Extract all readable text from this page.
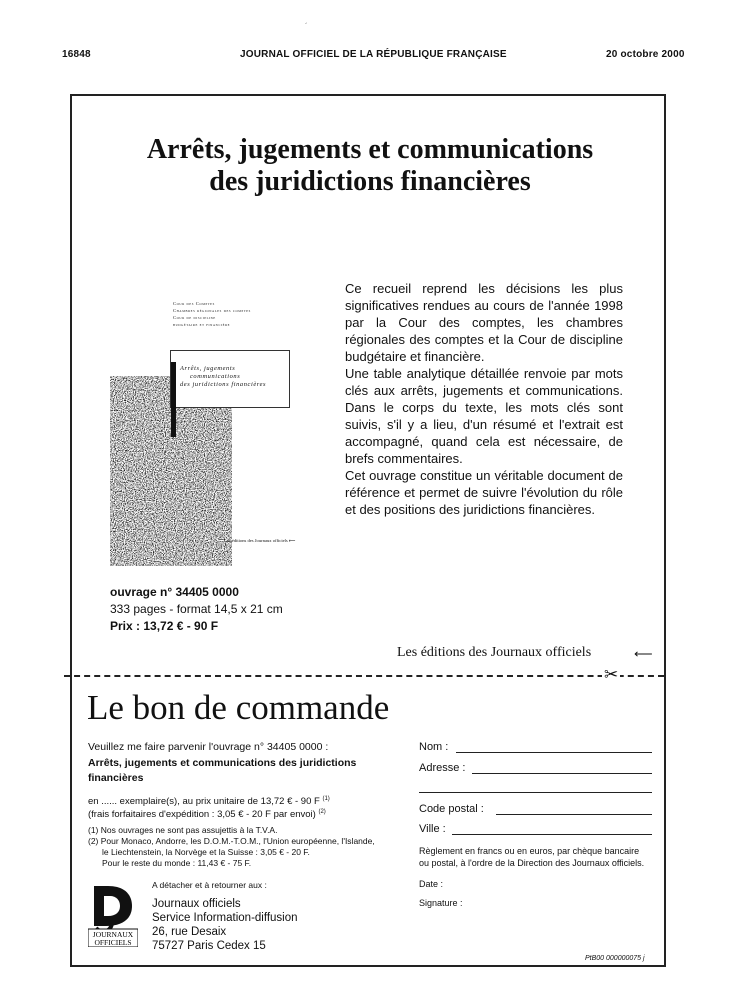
´
16848	JOURNAL OFFICIEL DE LA RÉPUBLIQUE FRANÇAISE	20 octobre 2000
Arrêts, jugements et communications
des juridictions financières
Cour des Comptes
Chambres régionales des comptes
Cour de discipline
budgétaire et financière
Arrêts, jugements
communications
des juridictions financières
Les éditions des Journaux officiels ⟵

Ce recueil reprend les décisions les plus significatives rendues au cours de l'année 1998 par la Cour des comptes, les chambres régionales des comptes et la Cour de discipline budgétaire et financière.

Une table analytique détaillée renvoie par mots clés aux arrêts, jugements et communications. Dans le corps du texte, les mots clés sont suivis, s'il y a lieu, d'un résumé et l'extrait est accompagné, quand cela est nécessaire, de brefs commentaires.

Cet ouvrage constitue un véritable document de référence et permet de suivre l'évolution du rôle et des positions des juridictions financières.

ouvrage n° 34405 0000
333 pages - format 14,5 x 21 cm
Prix : 13,72 € - 90 F
Les éditions des Journaux officiels	⟵
✂
Le bon de commande
Veuillez me faire parvenir l'ouvrage n° 34405 0000 :
Arrêts, jugements et communications des juridictions
financières
en ...... exemplaire(s), au prix unitaire de 13,72 € - 90 F $^{(1)}$
(frais forfaitaires d'expédition : 3,05 € - 20 F par envoi) $^{(2)}$
(1) Nos ouvrages ne sont pas assujettis à la T.V.A.
(2) Pour Monaco, Andorre, les D.O.M.-T.O.M., l'Union européenne, l'Islande,
le Liechtenstein, la Norvège et la Suisse : 3,05 € - 20 F.
Pour le reste du monde : 11,43 € - 75 F.
A détacher et à retourner aux :
JOURNAUX
OFFICIELS
Journaux officiels
Service Information-diffusion
26, rue Desaix
75727 Paris Cedex 15
Nom :
Adresse :
Code postal :
Ville :
Règlement en francs ou en euros, par chèque bancaire ou postal, à l'ordre de la Direction des Journaux officiels.
Date :
Signature :
PtB00 000000075 j
